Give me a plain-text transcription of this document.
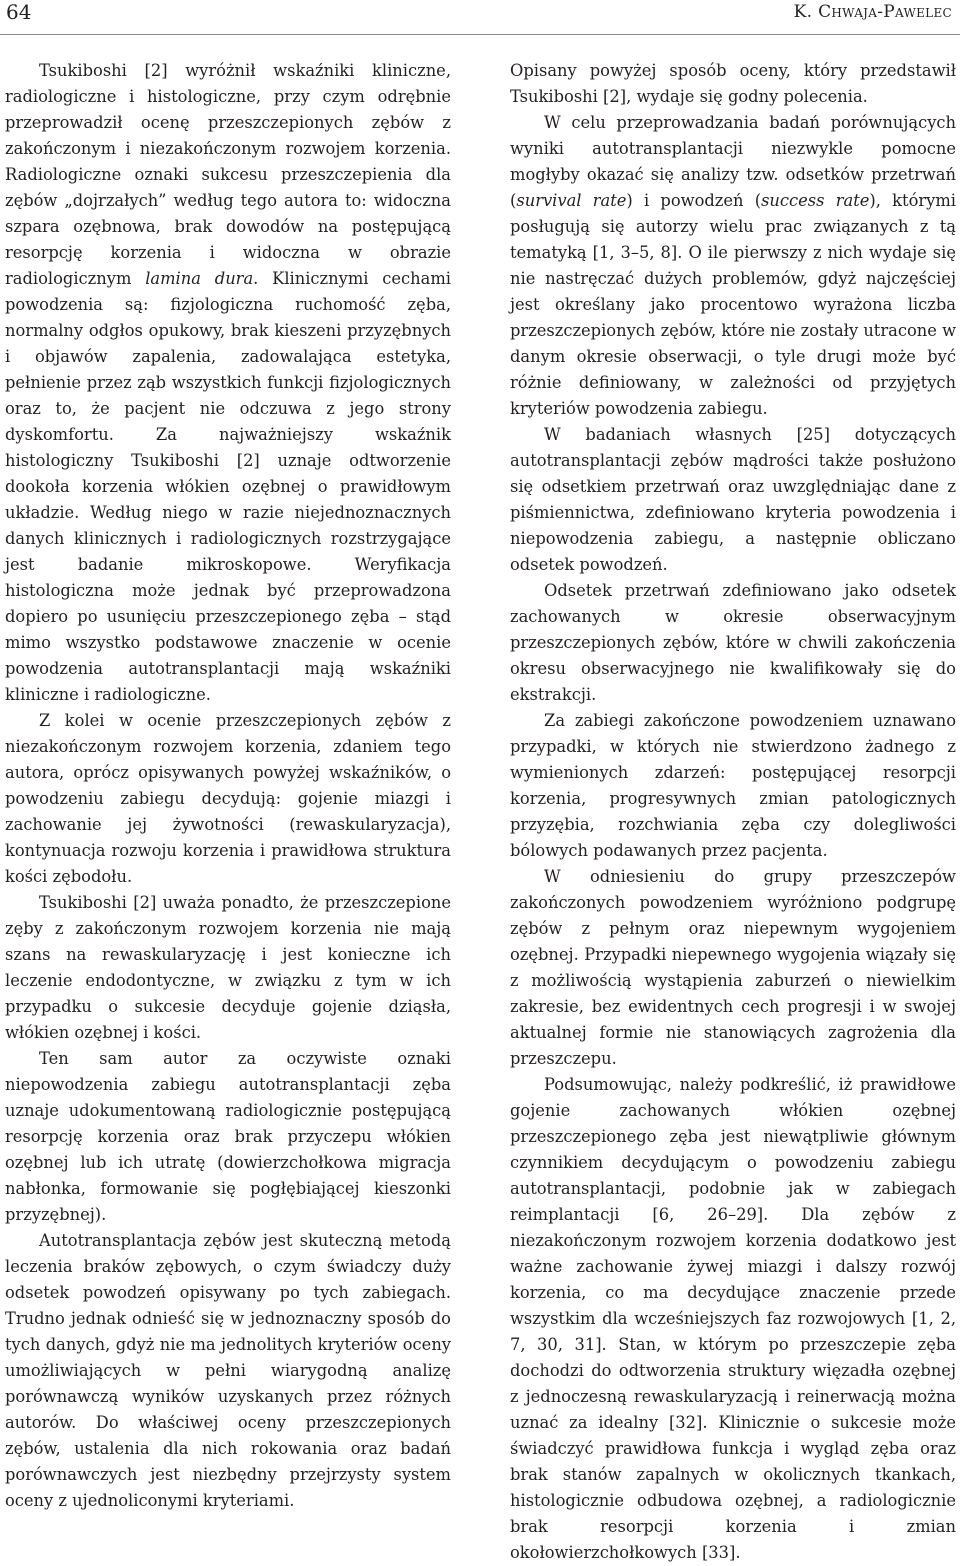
64	K. Chwaja-Pawelec

Tsukiboshi [2] wyróżnił wskaźniki kliniczne, radiologiczne i histologiczne, przy czym odrębnie przeprowadził ocenę przeszczepionych zębów z zakończonym i niezakończonym rozwojem korzenia. Radiologiczne oznaki sukcesu przeszczepienia dla zębów „dojrzałych” według tego autora to: widoczna szpara ozębnowa, brak dowodów na postępującą resorpcję korzenia i widoczna w obrazie radiologicznym lamina dura. Klinicznymi cechami powodzenia są: fizjologiczna ruchomość zęba, normalny odgłos opukowy, brak kieszeni przyzębnych i objawów zapalenia, zadowalająca estetyka, pełnienie przez ząb wszystkich funkcji fizjologicznych oraz to, że pacjent nie odczuwa z jego strony dyskomfortu. Za najważniejszy wskaźnik histologiczny Tsukiboshi [2] uznaje odtworzenie dookoła korzenia włókien ozębnej o prawidłowym układzie. Według niego w razie niejednoznacznych danych klinicznych i radiologicznych rozstrzygające jest badanie mikroskopowe. Weryfikacja histologiczna może jednak być przeprowadzona dopiero po usunięciu przeszczepionego zęba – stąd mimo wszystko podstawowe znaczenie w ocenie powodzenia autotransplantacji mają wskaźniki kliniczne i radiologiczne.

Z kolei w ocenie przeszczepionych zębów z niezakończonym rozwojem korzenia, zdaniem tego autora, oprócz opisywanych powyżej wskaźników, o powodzeniu zabiegu decydują: gojenie miazgi i zachowanie jej żywotności (rewaskularyzacja), kontynuacja rozwoju korzenia i prawidłowa struktura kości zębodołu.

Tsukiboshi [2] uważa ponadto, że przeszczepione zęby z zakończonym rozwojem korzenia nie mają szans na rewaskularyzację i jest konieczne ich leczenie endodontyczne, w związku z tym w ich przypadku o sukcesie decyduje gojenie dziąsła, włókien ozębnej i kości.

Ten sam autor za oczywiste oznaki niepowodzenia zabiegu autotransplantacji zęba uznaje udokumentowaną radiologicznie postępującą resorpcję korzenia oraz brak przyczepu włókien ozębnej lub ich utratę (dowierzchołkowa migracja nabłonka, formowanie się pogłębiającej kieszonki przyzębnej).

Autotransplantacja zębów jest skuteczną metodą leczenia braków zębowych, o czym świadczy duży odsetek powodzeń opisywany po tych zabiegach. Trudno jednak odnieść się w jednoznaczny sposób do tych danych, gdyż nie ma jednolitych kryteriów oceny umożliwiających w pełni wiarygodną analizę porównawczą wyników uzyskanych przez różnych autorów. Do właściwej oceny przeszczepionych zębów, ustalenia dla nich rokowania oraz badań porównawczych jest niezbędny przejrzysty system oceny z ujednoliconymi kryteriami.

Opisany powyżej sposób oceny, który przedstawił Tsukiboshi [2], wydaje się godny polecenia.

W celu przeprowadzania badań porównujących wyniki autotransplantacji niezwykle pomocne mogłyby okazać się analizy tzw. odsetków przetrwań (survival rate) i powodzeń (success rate), którymi posługują się autorzy wielu prac związanych z tą tematyką [1, 3–5, 8]. O ile pierwszy z nich wydaje się nie nastręczać dużych problemów, gdyż najczęściej jest określany jako procentowo wyrażona liczba przeszczepionych zębów, które nie zostały utracone w danym okresie obserwacji, o tyle drugi może być różnie definiowany, w zależności od przyjętych kryteriów powodzenia zabiegu.

W badaniach własnych [25] dotyczących autotransplantacji zębów mądrości także posłużono się odsetkiem przetrwań oraz uwzględniając dane z piśmiennictwa, zdefiniowano kryteria powodzenia i niepowodzenia zabiegu, a następnie obliczano odsetek powodzeń.

Odsetek przetrwań zdefiniowano jako odsetek zachowanych w okresie obserwacyjnym przeszczepionych zębów, które w chwili zakończenia okresu obserwacyjnego nie kwalifikowały się do ekstrakcji.

Za zabiegi zakończone powodzeniem uznawano przypadki, w których nie stwierdzono żadnego z wymienionych zdarzeń: postępującej resorpcji korzenia, progresywnych zmian patologicznych przyzębia, rozchwiania zęba czy dolegliwości bólowych podawanych przez pacjenta.

W odniesieniu do grupy przeszczepów zakończonych powodzeniem wyróżniono podgrupę zębów z pełnym oraz niepewnym wygojeniem ozębnej. Przypadki niepewnego wygojenia wiązały się z możliwością wystąpienia zaburzeń o niewielkim zakresie, bez ewidentnych cech progresji i w swojej aktualnej formie nie stanowiących zagrożenia dla przeszczepu.

Podsumowując, należy podkreślić, iż prawidłowe gojenie zachowanych włókien ozębnej przeszczepionego zęba jest niewątpliwie głównym czynnikiem decydującym o powodzeniu zabiegu autotransplantacji, podobnie jak w zabiegach reimplantacji [6, 26–29]. Dla zębów z niezakończonym rozwojem korzenia dodatkowo jest ważne zachowanie żywej miazgi i dalszy rozwój korzenia, co ma decydujące znaczenie przede wszystkim dla wcześniejszych faz rozwojowych [1, 2, 7, 30, 31]. Stan, w którym po przeszczepie zęba dochodzi do odtworzenia struktury więzadła ozębnej z jednoczesną rewaskularyzacją i reinerwacją można uznać za idealny [32]. Klinicznie o sukcesie może świadczyć prawidłowa funkcja i wygląd zęba oraz brak stanów zapalnych w okolicznych tkankach, histologicznie odbudowa ozębnej, a radiologicznie brak resorpcji korzenia i zmian okołowierzchołkowych [33].
